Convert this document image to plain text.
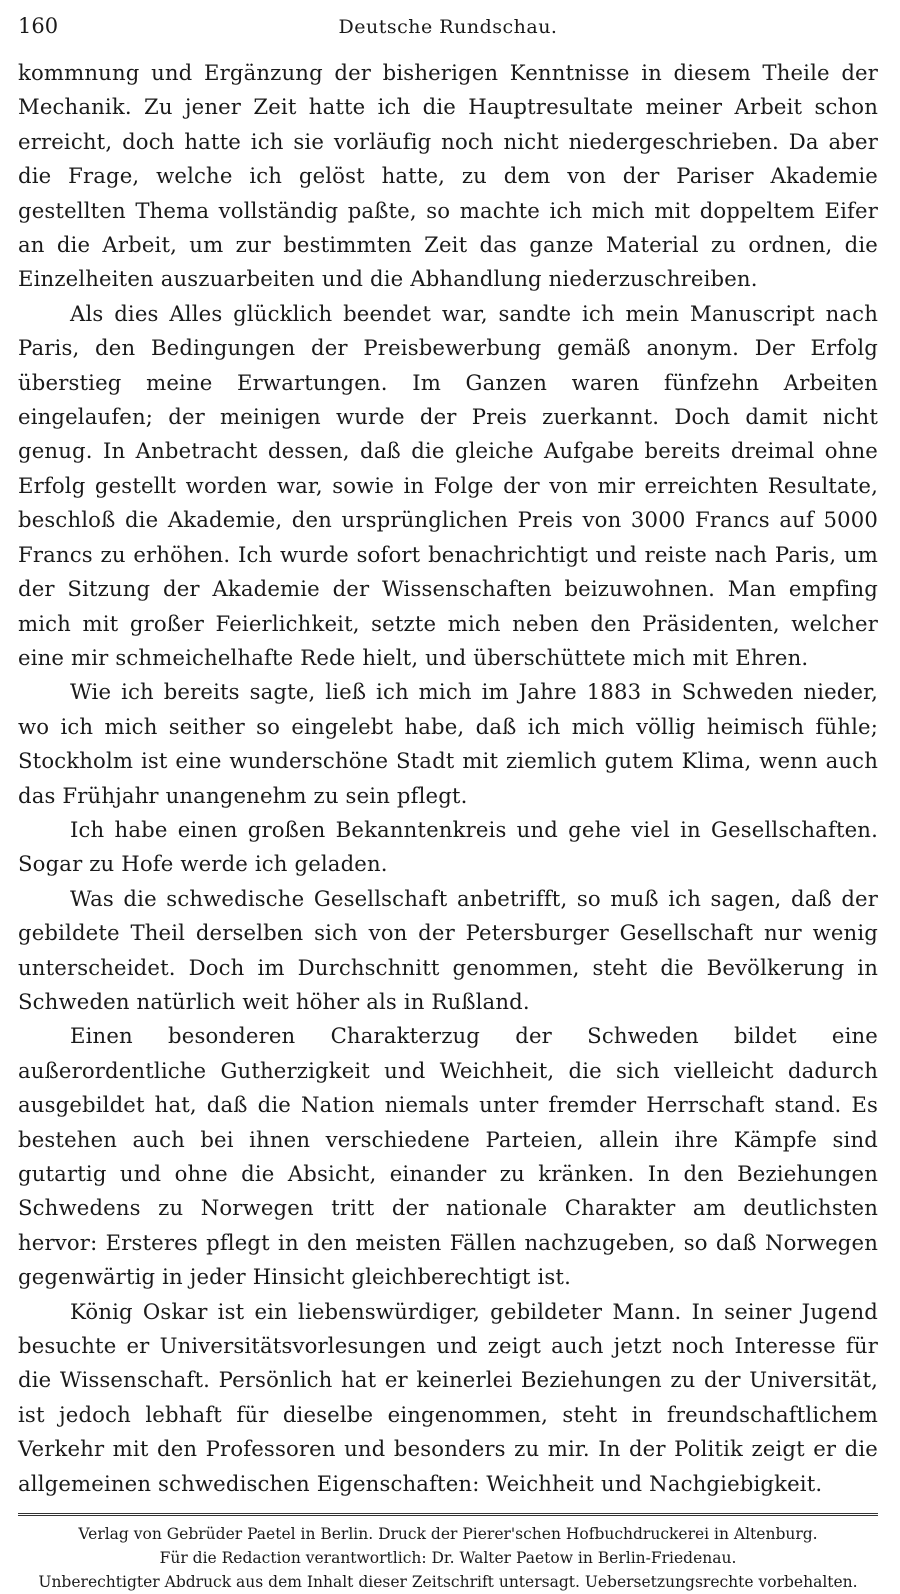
160	Deutsche Rundschau.

kommnung und Ergänzung der bisherigen Kenntnisse in diesem Theile der Mechanik. Zu jener Zeit hatte ich die Hauptresultate meiner Arbeit schon erreicht, doch hatte ich sie vorläufig noch nicht niedergeschrieben. Da aber die Frage, welche ich gelöst hatte, zu dem von der Pariser Akademie gestellten Thema vollständig paßte, so machte ich mich mit doppeltem Eifer an die Arbeit, um zur bestimmten Zeit das ganze Material zu ordnen, die Einzelheiten auszuarbeiten und die Abhandlung niederzuschreiben.

Als dies Alles glücklich beendet war, sandte ich mein Manuscript nach Paris, den Bedingungen der Preisbewerbung gemäß anonym. Der Erfolg überstieg meine Erwartungen. Im Ganzen waren fünfzehn Arbeiten eingelaufen; der meinigen wurde der Preis zuerkannt. Doch damit nicht genug. In Anbetracht dessen, daß die gleiche Aufgabe bereits dreimal ohne Erfolg gestellt worden war, sowie in Folge der von mir erreichten Resultate, beschloß die Akademie, den ursprünglichen Preis von 3000 Francs auf 5000 Francs zu erhöhen. Ich wurde sofort benachrichtigt und reiste nach Paris, um der Sitzung der Akademie der Wissenschaften beizuwohnen. Man empfing mich mit großer Feierlichkeit, setzte mich neben den Präsidenten, welcher eine mir schmeichelhafte Rede hielt, und überschüttete mich mit Ehren.

Wie ich bereits sagte, ließ ich mich im Jahre 1883 in Schweden nieder, wo ich mich seither so eingelebt habe, daß ich mich völlig heimisch fühle; Stockholm ist eine wunderschöne Stadt mit ziemlich gutem Klima, wenn auch das Frühjahr unangenehm zu sein pflegt.

Ich habe einen großen Bekanntenkreis und gehe viel in Gesellschaften. Sogar zu Hofe werde ich geladen.

Was die schwedische Gesellschaft anbetrifft, so muß ich sagen, daß der gebildete Theil derselben sich von der Petersburger Gesellschaft nur wenig unterscheidet. Doch im Durchschnitt genommen, steht die Bevölkerung in Schweden natürlich weit höher als in Rußland.

Einen besonderen Charakterzug der Schweden bildet eine außerordentliche Gutherzigkeit und Weichheit, die sich vielleicht dadurch ausgebildet hat, daß die Nation niemals unter fremder Herrschaft stand. Es bestehen auch bei ihnen verschiedene Parteien, allein ihre Kämpfe sind gutartig und ohne die Absicht, einander zu kränken. In den Beziehungen Schwedens zu Norwegen tritt der nationale Charakter am deutlichsten hervor: Ersteres pflegt in den meisten Fällen nachzugeben, so daß Norwegen gegenwärtig in jeder Hinsicht gleichberechtigt ist.

König Oskar ist ein liebenswürdiger, gebildeter Mann. In seiner Jugend besuchte er Universitätsvorlesungen und zeigt auch jetzt noch Interesse für die Wissenschaft. Persönlich hat er keinerlei Beziehungen zu der Universität, ist jedoch lebhaft für dieselbe eingenommen, steht in freundschaftlichem Verkehr mit den Professoren und besonders zu mir. In der Politik zeigt er die allgemeinen schwedischen Eigenschaften: Weichheit und Nachgiebigkeit.

Verlag von Gebrüder Paetel in Berlin. Druck der Pierer'schen Hofbuchdruckerei in Altenburg.
Für die Redaction verantwortlich: Dr. Walter Paetow in Berlin-Friedenau.
Unberechtigter Abdruck aus dem Inhalt dieser Zeitschrift untersagt. Uebersetzungsrechte vorbehalten.
